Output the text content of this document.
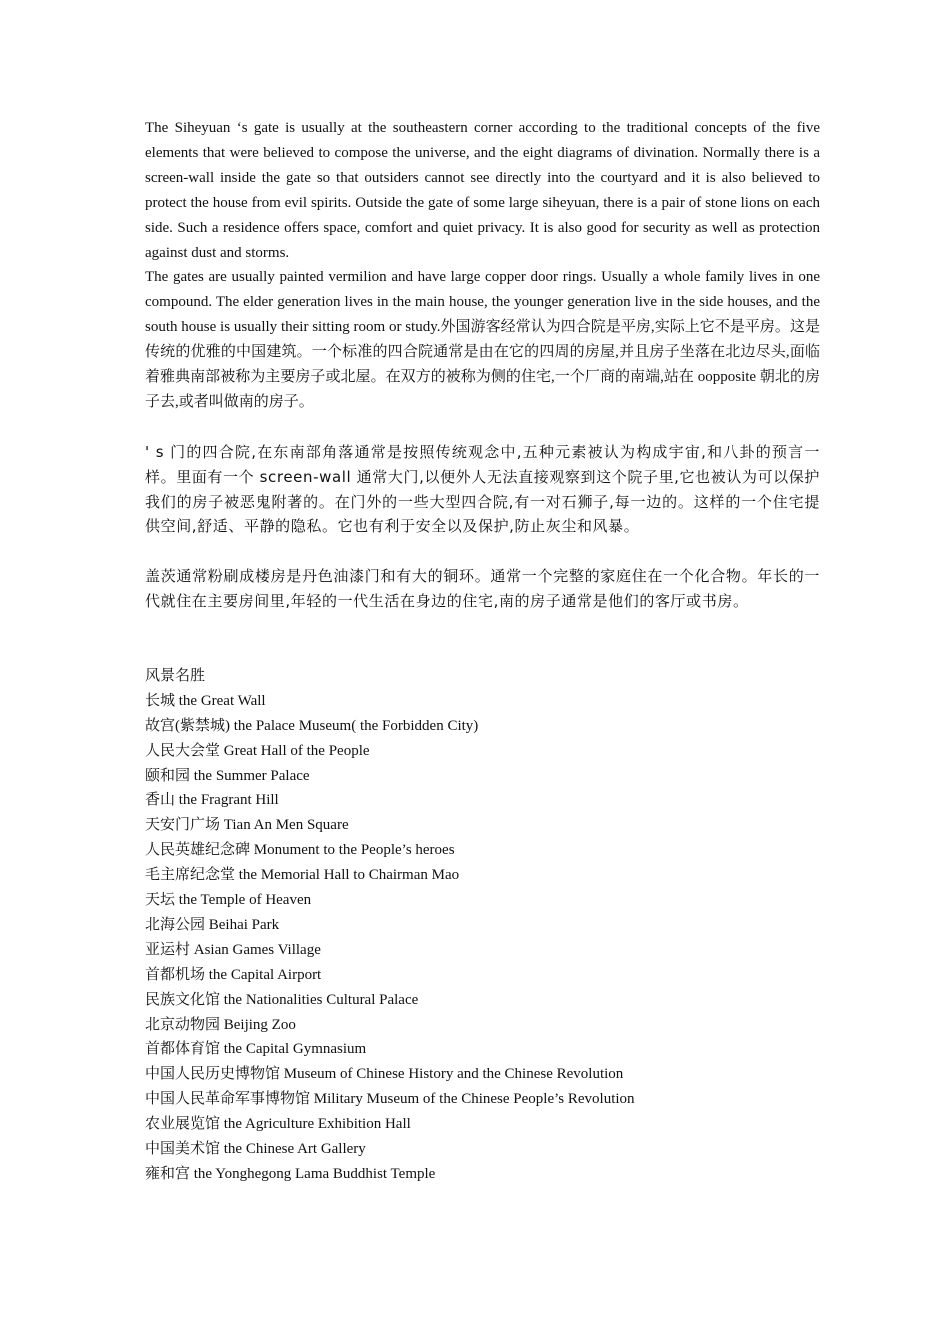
The Siheyuan ‘s gate is usually at the southeastern corner according to the traditional concepts of the five elements that were believed to compose the universe, and the eight diagrams of divination. Normally there is a screen-wall inside the gate so that outsiders cannot see directly into the courtyard and it is also believed to protect the house from evil spirits. Outside the gate of some large siheyuan, there is a pair of stone lions on each side. Such a residence offers space, comfort and quiet privacy. It is also good for security as well as protection against dust and storms.

The gates are usually painted vermilion and have large copper door rings. Usually a whole family lives in one compound. The elder generation lives in the main house, the younger generation live in the side houses, and the south house is usually their sitting room or study.外国游客经常认为四合院是平房,实际上它不是平房。这是传统的优雅的中国建筑。一个标准的四合院通常是由在它的四周的房屋,并且房子坐落在北边尽头,面临着雅典南部被称为主要房子或北屋。在双方的被称为侧的住宅,一个厂商的南端,站在 oopposite 朝北的房子去,或者叫做南的房子。

' s 门的四合院,在东南部角落通常是按照传统观念中,五种元素被认为构成宇宙,和八卦的预言一样。里面有一个 screen-wall 通常大门,以便外人无法直接观察到这个院子里,它也被认为可以保护我们的房子被恶鬼附著的。在门外的一些大型四合院,有一对石狮子,每一边的。这样的一个住宅提供空间,舒适、平静的隐私。它也有利于安全以及保护,防止灰尘和风暴。

盖茨通常粉刷成楼房是丹色油漆门和有大的铜环。通常一个完整的家庭住在一个化合物。年长的一代就住在主要房间里,年轻的一代生活在身边的住宅,南的房子通常是他们的客厅或书房。

风景名胜
长城 the Great Wall
故宫(紫禁城) the Palace Museum( the Forbidden City)
人民大会堂 Great Hall of the People
颐和园 the Summer Palace
香山 the Fragrant Hill
天安门广场 Tian An Men Square
人民英雄纪念碑 Monument to the People’s heroes
毛主席纪念堂 the Memorial Hall to Chairman Mao
天坛 the Temple of Heaven
北海公园 Beihai Park
亚运村 Asian Games Village
首都机场 the Capital Airport
民族文化馆 the Nationalities Cultural Palace
北京动物园 Beijing Zoo
首都体育馆 the Capital Gymnasium
中国人民历史博物馆 Museum of Chinese History and the Chinese Revolution
中国人民革命军事博物馆 Military Museum of the Chinese People’s Revolution
农业展览馆 the Agriculture Exhibition Hall
中国美术馆 the Chinese Art Gallery
雍和宫 the Yonghegong Lama Buddhist Temple
